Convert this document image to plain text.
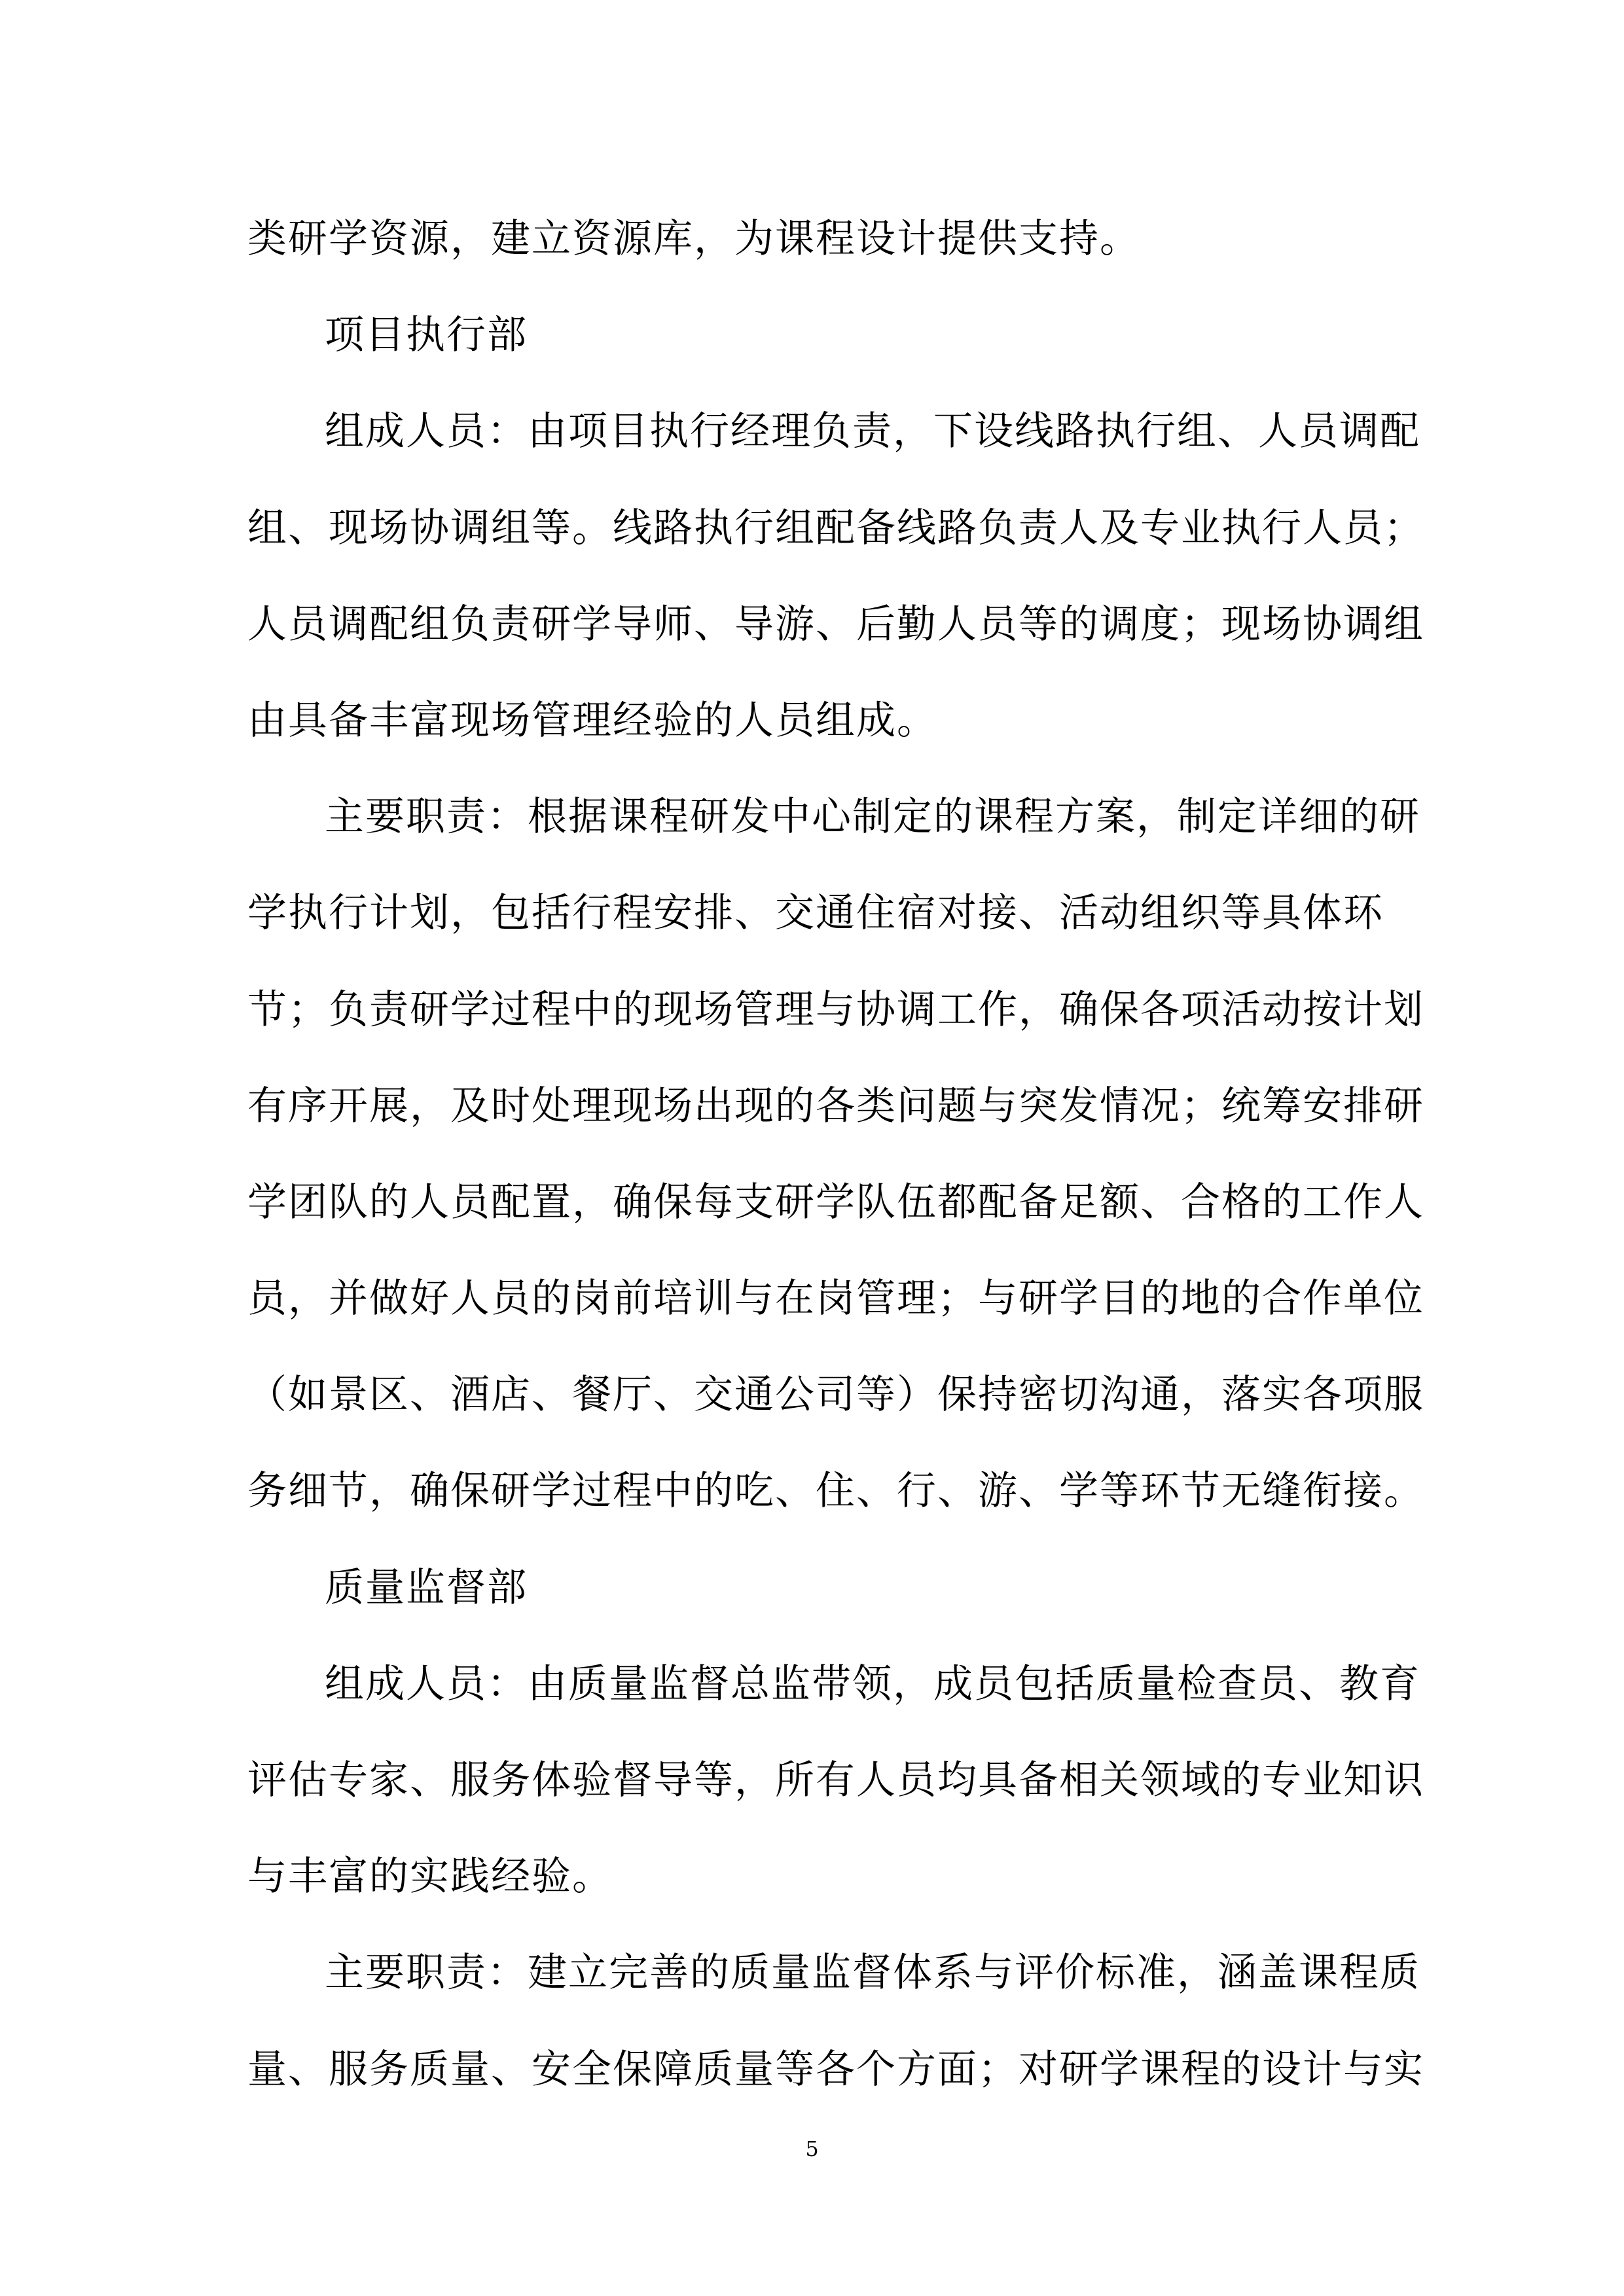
类研学资源，建立资源库，为课程设计提供支持。
项目执行部
组成人员：由项目执行经理负责，下设线路执行组、人员调配
组、现场协调组等。线路执行组配备线路负责人及专业执行人员；
人员调配组负责研学导师、导游、后勤人员等的调度；现场协调组
由具备丰富现场管理经验的人员组成。
主要职责：根据课程研发中心制定的课程方案，制定详细的研
学执行计划，包括行程安排、交通住宿对接、活动组织等具体环
节；负责研学过程中的现场管理与协调工作，确保各项活动按计划
有序开展，及时处理现场出现的各类问题与突发情况；统筹安排研
学团队的人员配置，确保每支研学队伍都配备足额、合格的工作人
员，并做好人员的岗前培训与在岗管理；与研学目的地的合作单位
（如景区、酒店、餐厅、交通公司等）保持密切沟通，落实各项服
务细节，确保研学过程中的吃、住、行、游、学等环节无缝衔接。
质量监督部
组成人员：由质量监督总监带领，成员包括质量检查员、教育
评估专家、服务体验督导等，所有人员均具备相关领域的专业知识
与丰富的实践经验。
主要职责：建立完善的质量监督体系与评价标准，涵盖课程质
量、服务质量、安全保障质量等各个方面；对研学课程的设计与实
5
